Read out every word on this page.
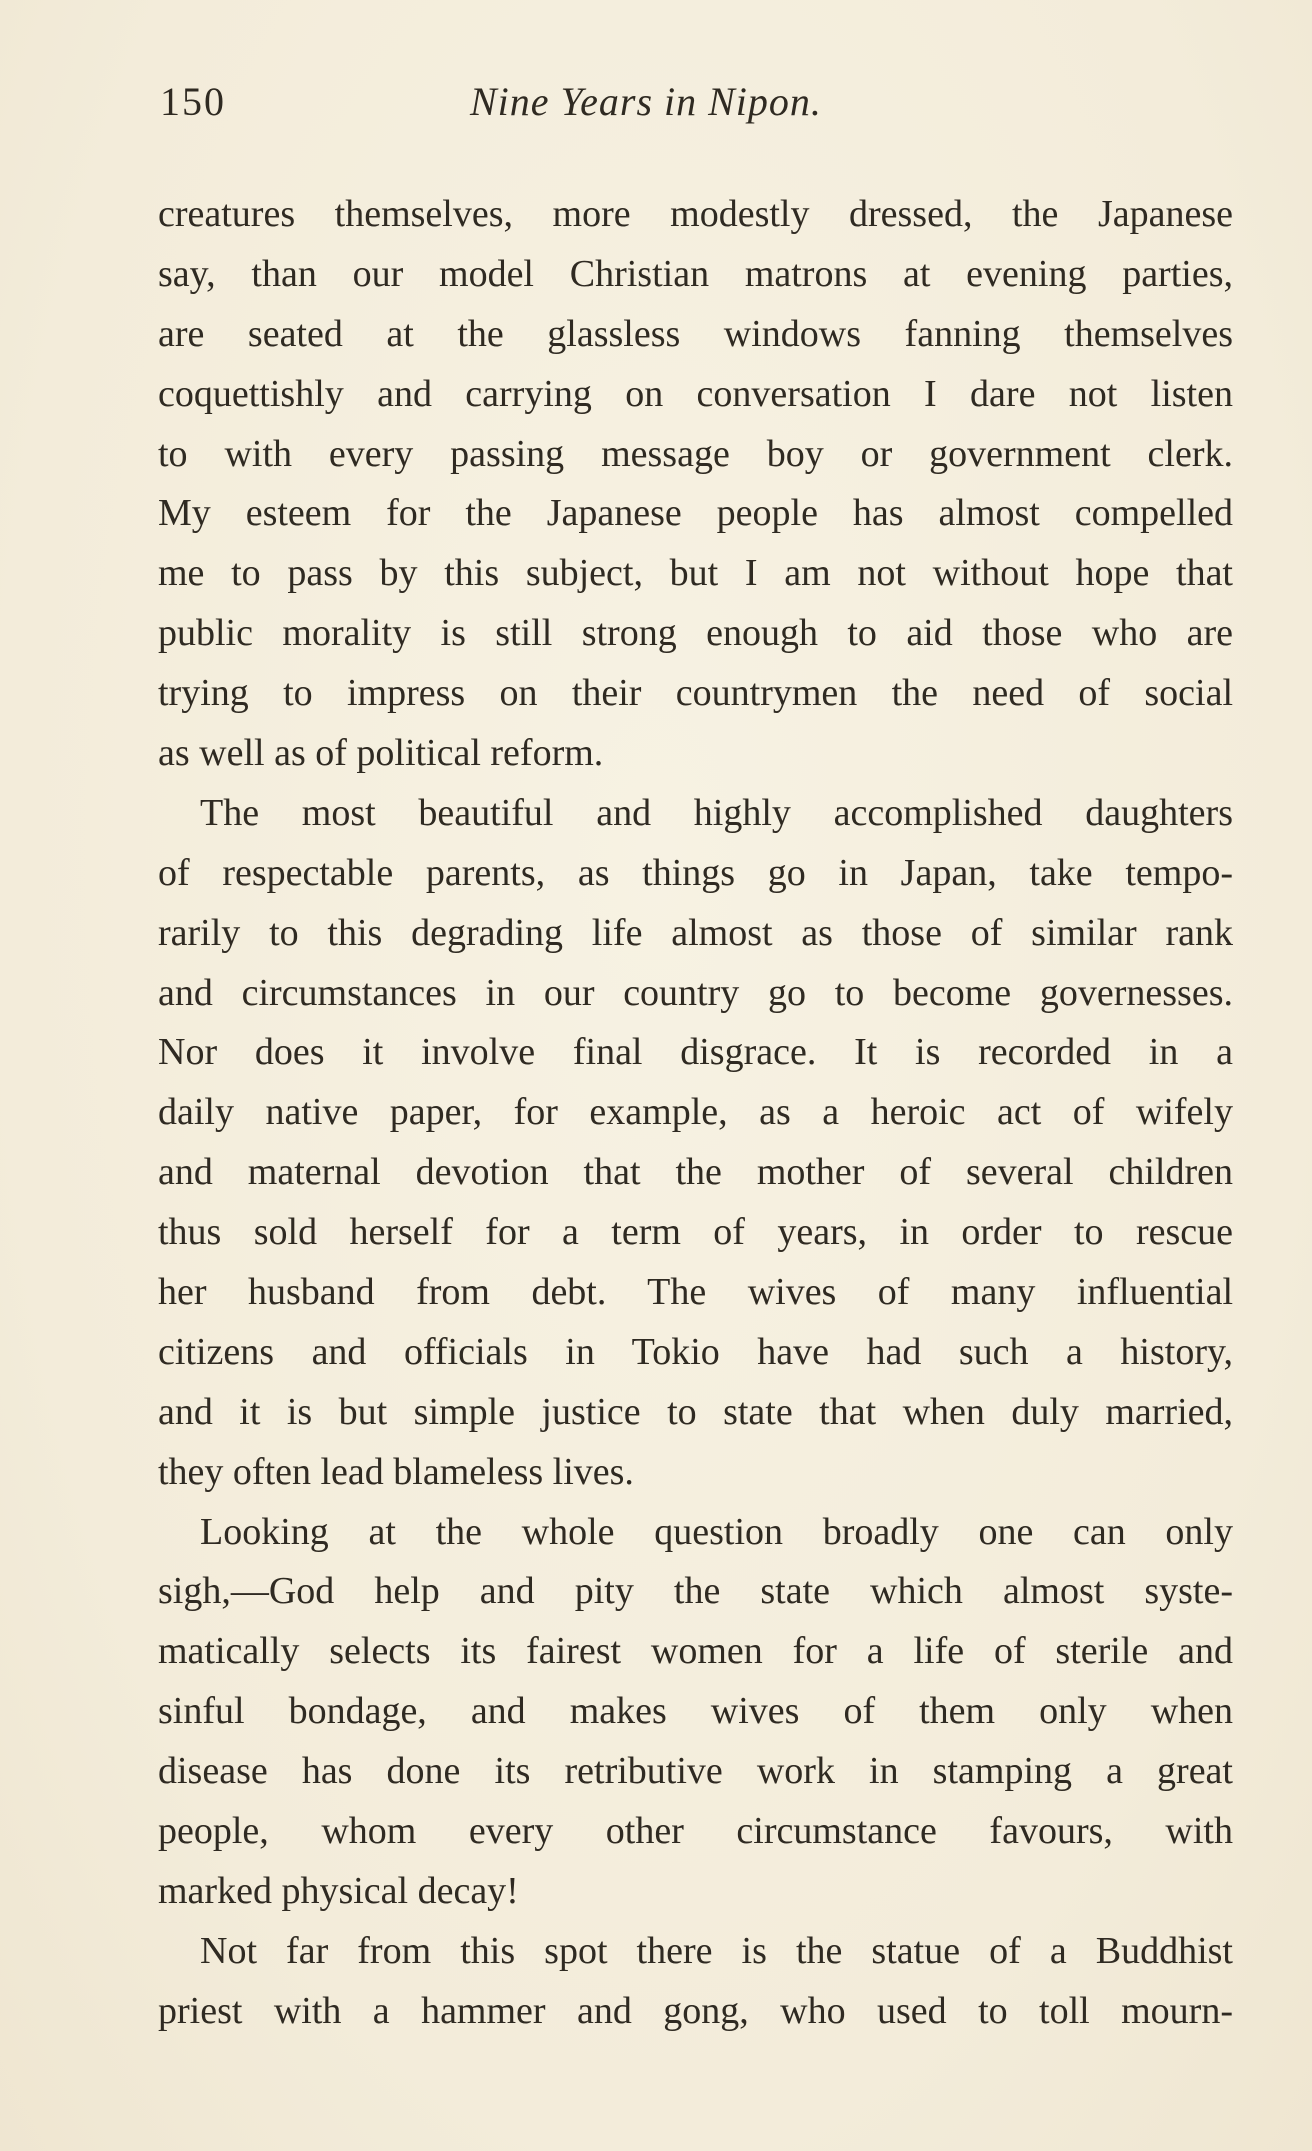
150	Nine Years in Nipon.
creatures themselves, more modestly dressed, the Japanese
say, than our model Christian matrons at evening parties,
are seated at the glassless windows fanning themselves
coquettishly and carrying on conversation I dare not listen
to with every passing message boy or government clerk.
My esteem for the Japanese people has almost compelled
me to pass by this subject, but I am not without hope that
public morality is still strong enough to aid those who are
trying to impress on their countrymen the need of social
as well as of political reform.
The most beautiful and highly accomplished daughters
of respectable parents, as things go in Japan, take tempo-
rarily to this degrading life almost as those of similar rank
and circumstances in our country go to become governesses.
Nor does it involve final disgrace. It is recorded in a
daily native paper, for example, as a heroic act of wifely
and maternal devotion that the mother of several children
thus sold herself for a term of years, in order to rescue
her husband from debt. The wives of many influential
citizens and officials in Tokio have had such a history,
and it is but simple justice to state that when duly married,
they often lead blameless lives.
Looking at the whole question broadly one can only
sigh,—God help and pity the state which almost syste-
matically selects its fairest women for a life of sterile and
sinful bondage, and makes wives of them only when
disease has done its retributive work in stamping a great
people, whom every other circumstance favours, with
marked physical decay!
Not far from this spot there is the statue of a Buddhist
priest with a hammer and gong, who used to toll mourn-
